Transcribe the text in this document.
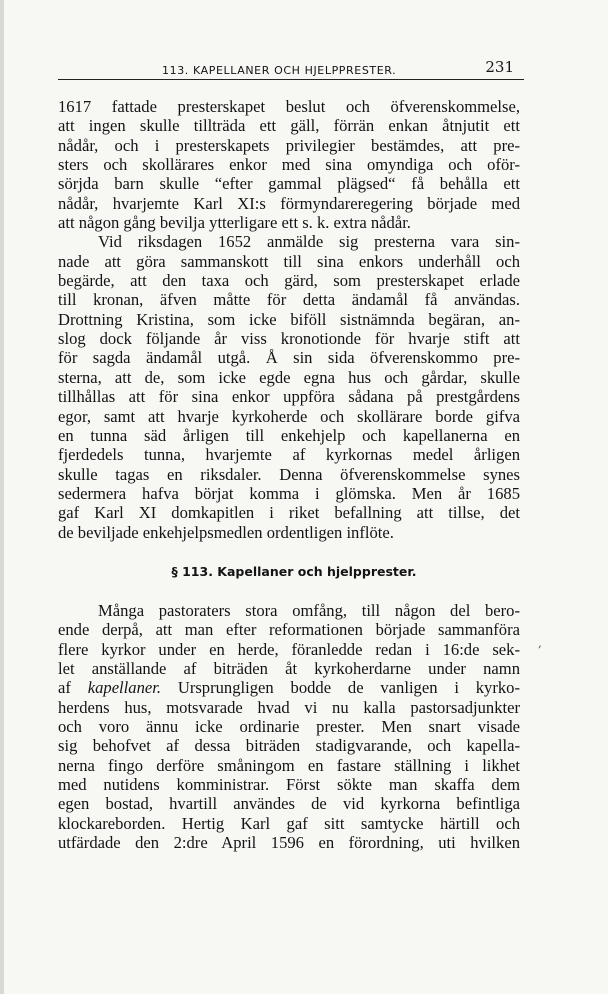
113. KAPELLANER OCH HJELPPRESTER.	231
1617 fattade presterskapet beslut och öfverenskommelse,
att ingen skulle tillträda ett gäll, förrän enkan åtnjutit ett
nådår, och i presterskapets privilegier bestämdes, att pre-
sters och skollärares enkor med sina omyndiga och oför-
sörjda barn skulle “efter gammal plägsed“ få behålla ett
nådår, hvarjemte Karl XI:s förmyndareregering började med
att någon gång bevilja ytterligare ett s. k. extra nådår.
Vid riksdagen 1652 anmälde sig presterna vara sin-
nade att göra sammanskott till sina enkors underhåll och
begärde, att den taxa och gärd, som presterskapet erlade
till kronan, äfven måtte för detta ändamål få användas.
Drottning Kristina, som icke biföll sistnämnda begäran, an-
slog dock följande år viss kronotionde för hvarje stift att
för sagda ändamål utgå. Å sin sida öfverenskommo pre-
sterna, att de, som icke egde egna hus och gårdar, skulle
tillhållas att för sina enkor uppföra sådana på prestgårdens
egor, samt att hvarje kyrkoherde och skollärare borde gifva
en tunna säd årligen till enkehjelp och kapellanerna en
fjerdedels tunna, hvarjemte af kyrkornas medel årligen
skulle tagas en riksdaler. Denna öfverenskommelse synes
sedermera hafva börjat komma i glömska. Men år 1685
gaf Karl XI domkapitlen i riket befallning att tillse, det
de beviljade enkehjelpsmedlen ordentligen inflöte.
§ 113. Kapellaner och hjelpprester.
Många pastoraters stora omfång, till någon del bero-
ende derpå, att man efter reformationen började sammanföra
flere kyrkor under en herde, föranledde redan i 16:de sek-
let anställande af biträden åt kyrkoherdarne under namn
af kapellaner. Ursprungligen bodde de vanligen i kyrko-
herdens hus, motsvarade hvad vi nu kalla pastorsadjunkter
och voro ännu icke ordinarie prester. Men snart visade
sig behofvet af dessa biträden stadigvarande, och kapella-
nerna fingo derföre småningom en fastare ställning i likhet
med nutidens komministrar. Först sökte man skaffa dem
egen bostad, hvartill användes de vid kyrkorna befintliga
klockareborden. Hertig Karl gaf sitt samtycke härtill och
utfärdade den 2:dre April 1596 en förordning, uti hvilken
,
